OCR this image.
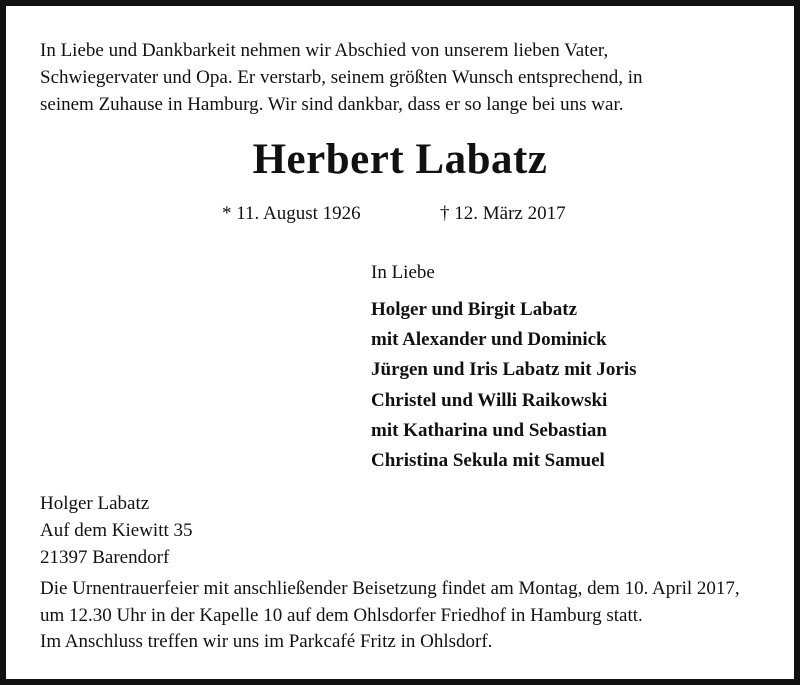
In Liebe und Dankbarkeit nehmen wir Abschied von unserem lieben Vater,
Schwiegervater und Opa. Er verstarb, seinem größten Wunsch entsprechend, in
seinem Zuhause in Hamburg. Wir sind dankbar, dass er so lange bei uns war.

Herbert Labatz

* 11. August 1926	† 12. März 2017

In Liebe

Holger und Birgit Labatz
mit Alexander und Dominick
Jürgen und Iris Labatz mit Joris
Christel und Willi Raikowski
mit Katharina und Sebastian
Christina Sekula mit Samuel

Holger Labatz
Auf dem Kiewitt 35
21397 Barendorf

Die Urnentrauerfeier mit anschließender Beisetzung findet am Montag, dem 10. April 2017,
um 12.30 Uhr in der Kapelle 10 auf dem Ohlsdorfer Friedhof in Hamburg statt.

Im Anschluss treffen wir uns im Parkcafé Fritz in Ohlsdorf.
